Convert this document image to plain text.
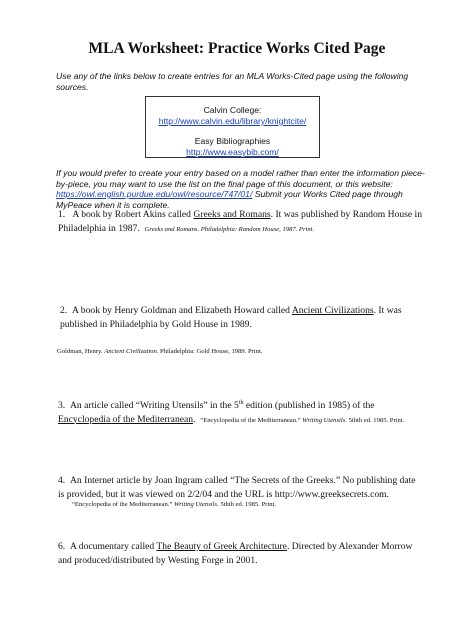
MLA Worksheet: Practice Works Cited Page
Use any of the links below to create entries for an MLA Works-Cited page using the following sources.
Calvin College:
http://www.calvin.edu/library/knightcite/
Easy Bibliographies
http://www.easybib.com/
If you would prefer to create your entry based on a model rather than enter the information piece-by-piece, you may want to use the list on the final page of this document, or this website: https://owl.english.purdue.edu/owl/resource/747/01/ Submit your Works Cited page through MyPeace when it is complete.
1. A book by Robert Akins called Greeks and Romans. It was published by Random House in Philadelphia in 1987. Greeks and Romans. Philadelphia: Random House, 1987. Print.
2. A book by Henry Goldman and Elizabeth Howard called Ancient Civilizations. It was published in Philadelphia by Gold House in 1989.
Goldman, Henry. Ancient Civilization. Philadelphia: Gold House, 1989. Print.
3. An article called “Writing Utensils” in the 5th edition (published in 1985) of the Encyclopedia of the Mediterranean. “Encyclopedia of the Mediterranean.” Writing Utensils. 5thth ed. 1985. Print.
4. An Internet article by Joan Ingram called “The Secrets of the Greeks.” No publishing date is provided, but it was viewed on 2/2/04 and the URL is http://www.greeksecrets.com.
“Encyclopedia of the Mediterranean.” Writing Utensils. 5thth ed. 1985. Print.
6. A documentary called The Beauty of Greek Architecture. Directed by Alexander Morrow and produced/distributed by Westing Forge in 2001.
